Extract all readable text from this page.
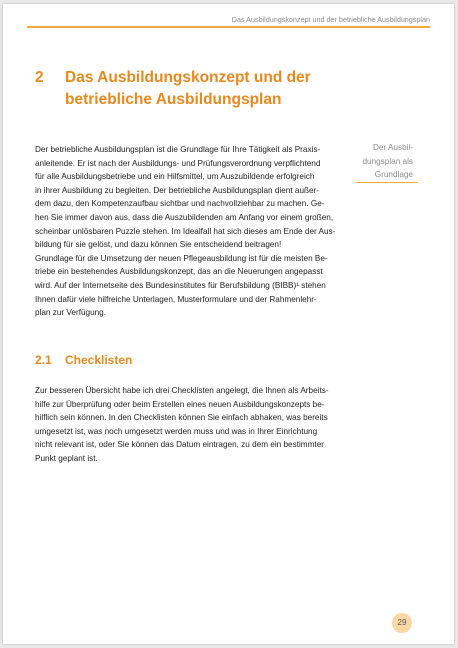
Das Ausbildungskonzept und der betriebliche Ausbildungsplan
2	Das Ausbildungskonzept und der
betriebliche Ausbildungsplan
Der Ausbil-
dungsplan als
Grundlage

Der betriebliche Ausbildungsplan ist die Grundlage für Ihre Tätigkeit als Praxis-
anleitende. Er ist nach der Ausbildungs- und Prüfungsverordnung verpflichtend
für alle Ausbildungsbetriebe und ein Hilfsmittel, um Auszubildende erfolgreich
in ihrer Ausbildung zu begleiten. Der betriebliche Ausbildungsplan dient außer-
dem dazu, den Kompetenzaufbau sichtbar und nachvollziehbar zu machen. Ge-
hen Sie immer davon aus, dass die Auszubildenden am Anfang vor einem großen,
scheinbar unlösbaren Puzzle stehen. Im Idealfall hat sich dieses am Ende der Aus-
bildung für sie gelöst, und dazu können Sie entscheidend beitragen!
Grundlage für die Umsetzung der neuen Pflegeausbildung ist für die meisten Be-
triebe ein bestehendes Ausbildungskonzept, das an die Neuerungen angepasst
wird. Auf der Internetseite des Bundesinstitutes für Berufsbildung (BIBB)¹ stehen
Ihnen dafür viele hilfreiche Unterlagen, Musterformulare und der Rahmenlehr-
plan zur Verfügung.

2.1 Checklisten

Zur besseren Übersicht habe ich drei Checklisten angelegt, die Ihnen als Arbeits-
hilfe zur Überprüfung oder beim Erstellen eines neuen Ausbildungskonzepts be-
hilflich sein können. In den Checklisten können Sie einfach abhaken, was bereits
umgesetzt ist, was noch umgesetzt werden muss und was in Ihrer Einrichtung
nicht relevant ist, oder Sie können das Datum eintragen, zu dem ein bestimmter
Punkt geplant ist.

29
